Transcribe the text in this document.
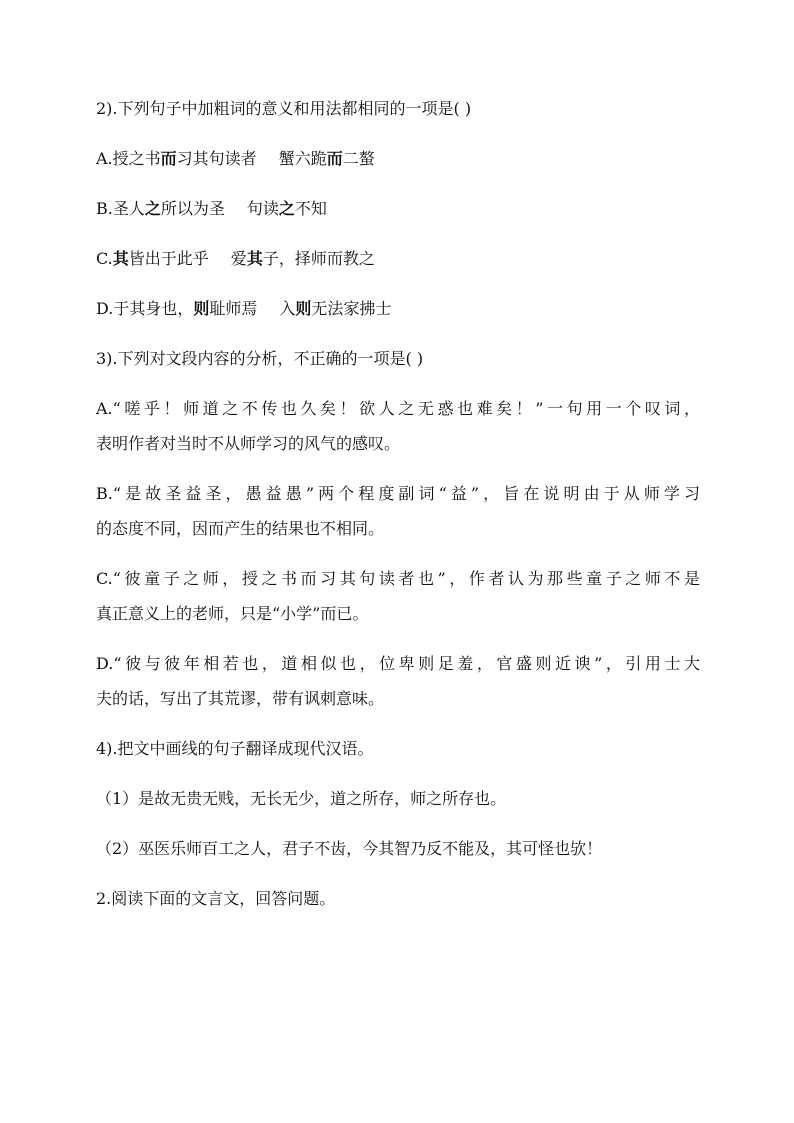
2).下列句子中加粗词的意义和用法都相同的一项是( )
A.授之书而习其句读者 蟹六跪而二螯
B.圣人之所以为圣 句读之不知
C.其皆出于此乎 爱其子，择师而教之
D.于其身也，则耻师焉 入则无法家拂士
3).下列对文段内容的分析，不正确的一项是( )
A.“嗟乎！师道之不传也久矣！欲人之无惑也难矣！”一句用一个叹词，
表明作者对当时不从师学习的风气的感叹。
B.“是故圣益圣，愚益愚”两个程度副词“益”，旨在说明由于从师学习
的态度不同，因而产生的结果也不相同。
C.“彼童子之师，授之书而习其句读者也”，作者认为那些童子之师不是
真正意义上的老师，只是“小学”而已。
D.“彼与彼年相若也，道相似也，位卑则足羞，官盛则近谀”，引用士大
夫的话，写出了其荒谬，带有讽刺意味。
4).把文中画线的句子翻译成现代汉语。
（1）是故无贵无贱，无长无少，道之所存，师之所存也。
（2）巫医乐师百工之人，君子不齿，今其智乃反不能及，其可怪也欤！
2.阅读下面的文言文，回答问题。
